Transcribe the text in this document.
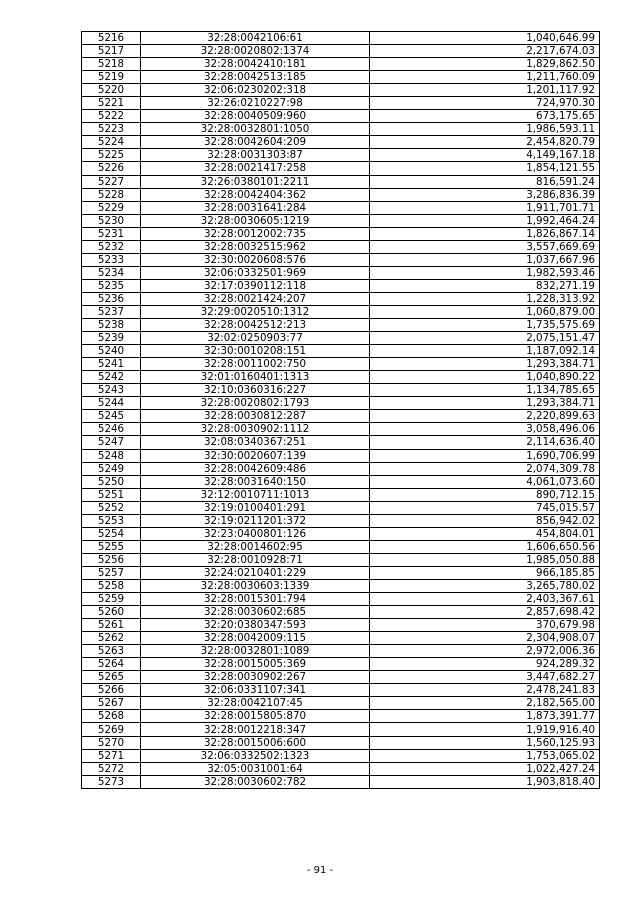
5216	32:28:0042106:61	1,040,646.99
5217	32:28:0020802:1374	2,217,674.03
5218	32:28:0042410:181	1,829,862.50
5219	32:28:0042513:185	1,211,760.09
5220	32:06:0230202:318	1,201,117.92
5221	32:26:0210227:98	724,970.30
5222	32:28:0040509:960	673,175.65
5223	32:28:0032801:1050	1,986,593.11
5224	32:28:0042604:209	2,454,820.79
5225	32:28:0031303:87	4,149,167.18
5226	32:28:0021417:258	1,854,121.55
5227	32:26:0380101:2211	816,591.24
5228	32:28:0042404:362	3,286,836.39
5229	32:28:0031641:284	1,911,701.71
5230	32:28:0030605:1219	1,992,464.24
5231	32:28:0012002:735	1,826,867.14
5232	32:28:0032515:962	3,557,669.69
5233	32:30:0020608:576	1,037,667.96
5234	32:06:0332501:969	1,982,593.46
5235	32:17:0390112:118	832,271.19
5236	32:28:0021424:207	1,228,313.92
5237	32:29:0020510:1312	1,060,879.00
5238	32:28:0042512:213	1,735,575.69
5239	32:02:0250903:77	2,075,151.47
5240	32:30:0010208:151	1,187,092.14
5241	32:28:0011002:750	1,293,384.71
5242	32:01:0160401:1313	1,040,890.22
5243	32:10:0360316:227	1,134,785.65
5244	32:28:0020802:1793	1,293,384.71
5245	32:28:0030812:287	2,220,899.63
5246	32:28:0030902:1112	3,058,496.06
5247	32:08:0340367:251	2,114,636.40
5248	32:30:0020607:139	1,690,706.99
5249	32:28:0042609:486	2,074,309.78
5250	32:28:0031640:150	4,061,073.60
5251	32:12:0010711:1013	890,712.15
5252	32:19:0100401:291	745,015.57
5253	32:19:0211201:372	856,942.02
5254	32:23:0400801:126	454,804.01
5255	32:28:0014602:95	1,606,650.56
5256	32:28:0010928:71	1,985,050.88
5257	32:24:0210401:229	966,185.85
5258	32:28:0030603:1339	3,265,780.02
5259	32:28:0015301:794	2,403,367.61
5260	32:28:0030602:685	2,857,698.42
5261	32:20:0380347:593	370,679.98
5262	32:28:0042009:115	2,304,908.07
5263	32:28:0032801:1089	2,972,006.36
5264	32:28:0015005:369	924,289.32
5265	32:28:0030902:267	3,447,682.27
5266	32:06:0331107:341	2,478,241.83
5267	32:28:0042107:45	2,182,565.00
5268	32:28:0015805:870	1,873,391.77
5269	32:28:0012218:347	1,919,916.40
5270	32:28:0015006:600	1,560,125.93
5271	32:06:0332502:1323	1,753,065.02
5272	32:05:0031001:64	1,022,427.24
5273	32:28:0030602:782	1,903,818.40
- 91 -
